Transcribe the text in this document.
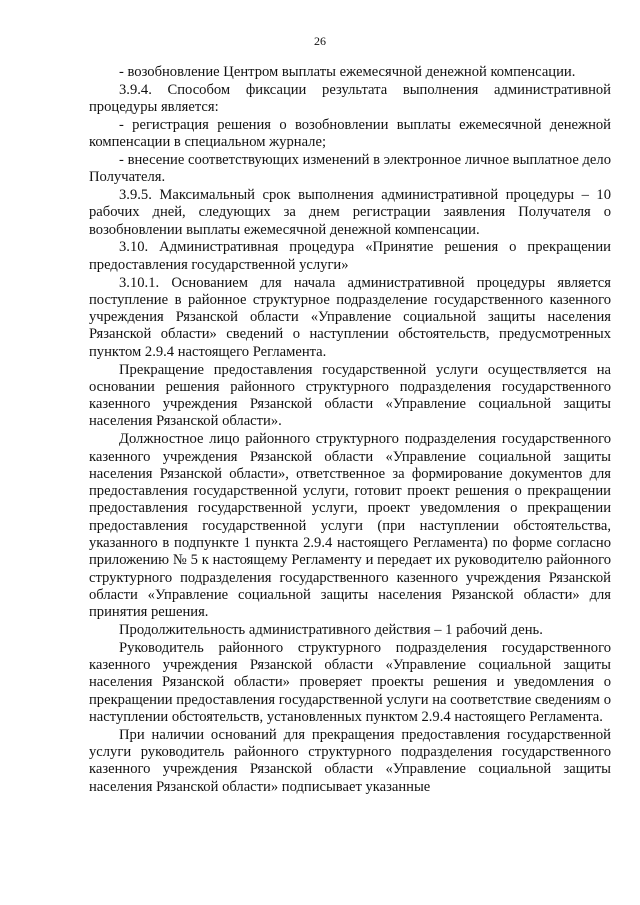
26

- возобновление Центром выплаты ежемесячной денежной компенсации.

3.9.4. Способом фиксации результата выполнения административной процедуры является:

- регистрация решения о возобновлении выплаты ежемесячной денежной компенсации в специальном журнале;

- внесение соответствующих изменений в электронное личное выплатное дело Получателя.

3.9.5. Максимальный срок выполнения административной процедуры – 10 рабочих дней, следующих за днем регистрации заявления Получателя о возобновлении выплаты ежемесячной денежной компенсации.

3.10. Административная процедура «Принятие решения о прекращении предоставления государственной услуги»

3.10.1. Основанием для начала административной процедуры является поступление в районное структурное подразделение государственного казенного учреждения Рязанской области «Управление социальной защиты населения Рязанской области» сведений о наступлении обстоятельств, предусмотренных пунктом 2.9.4 настоящего Регламента.

Прекращение предоставления государственной услуги осуществляется на основании решения районного структурного подразделения государственного казенного учреждения Рязанской области «Управление социальной защиты населения Рязанской области».

Должностное лицо районного структурного подразделения государственного казенного учреждения Рязанской области «Управление социальной защиты населения Рязанской области», ответственное за формирование документов для предоставления государственной услуги, готовит проект решения о прекращении предоставления государственной услуги, проект уведомления о прекращении предоставления государственной услуги (при наступлении обстоятельства, указанного в подпункте 1 пункта 2.9.4 настоящего Регламента) по форме согласно приложению № 5 к настоящему Регламенту и передает их руководителю районного структурного подразделения государственного казенного учреждения Рязанской области «Управление социальной защиты населения Рязанской области» для принятия решения.

Продолжительность административного действия – 1 рабочий день.

Руководитель районного структурного подразделения государственного казенного учреждения Рязанской области «Управление социальной защиты населения Рязанской области» проверяет проекты решения и уведомления о прекращении предоставления государственной услуги на соответствие сведениям о наступлении обстоятельств, установленных пунктом 2.9.4 настоящего Регламента.

При наличии оснований для прекращения предоставления государственной услуги руководитель районного структурного подразделения государственного казенного учреждения Рязанской области «Управление социальной защиты населения Рязанской области» подписывает указанные
